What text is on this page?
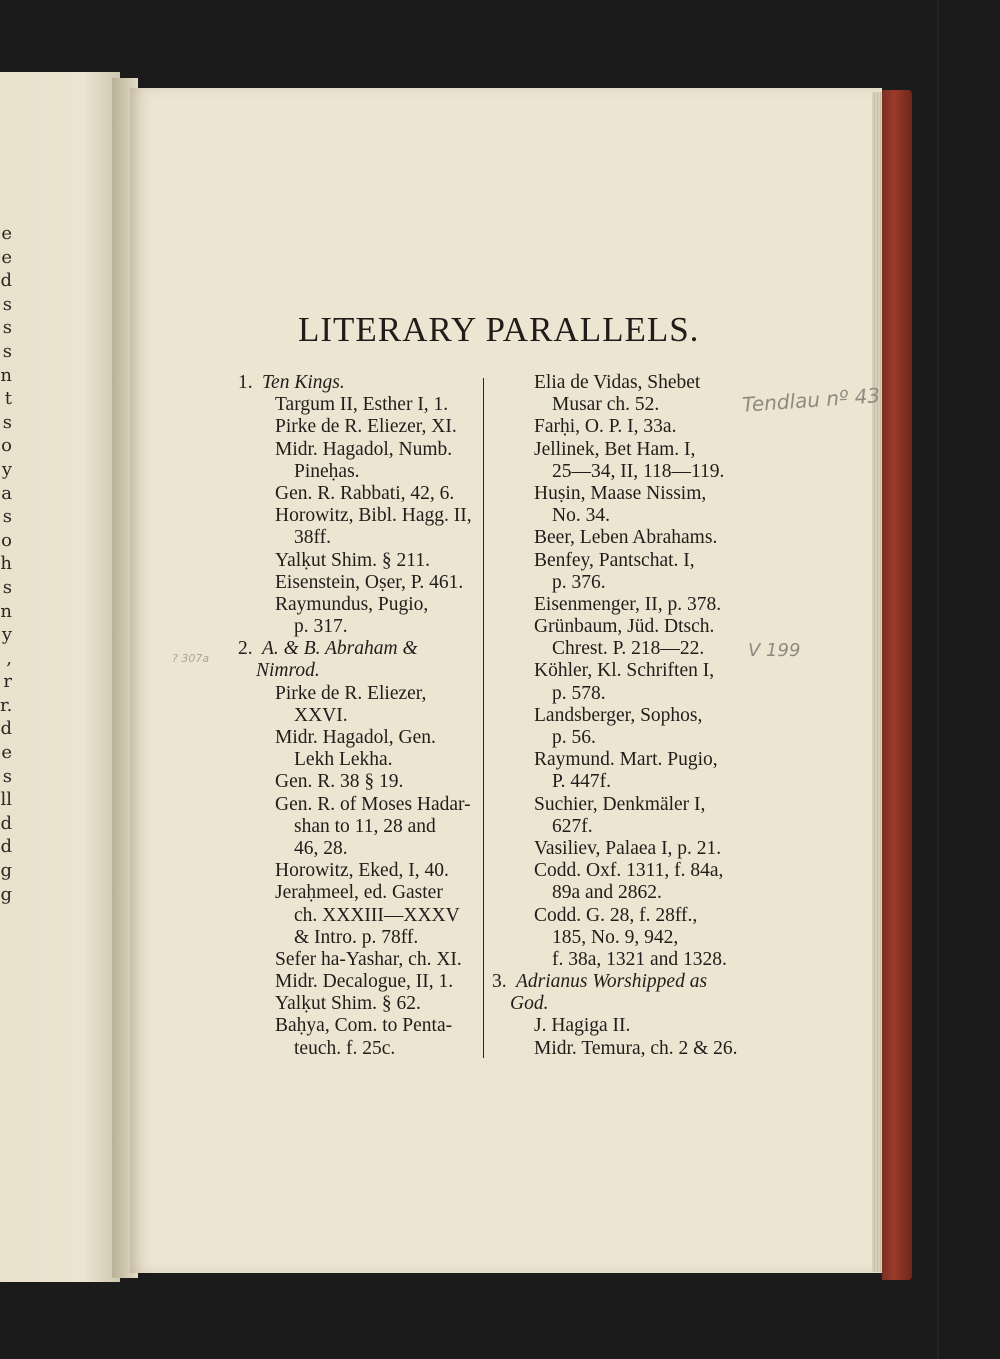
e
e
d
s
s
s
n
t
s
o
y
a
s
o
h
s
n
y
,
r
r.
d
e
s
ll
d
d
g
g
LITERARY PARALLELS.
1. Ten Kings.
Targum II, Esther I, 1.
Pirke de R. Eliezer, XI.
Midr. Hagadol, Numb.
Pineḥas.
Gen. R. Rabbati, 42, 6.
Horowitz, Bibl. Hagg. II,
38ff.
Yalḳut Shim. § 211.
Eisenstein, Oṣer, P. 461.
Raymundus, Pugio,
p. 317.
2. A. & B. Abraham &
Nimrod.
Pirke de R. Eliezer,
XXVI.
Midr. Hagadol, Gen.
Lekh Lekha.
Gen. R. 38 § 19.
Gen. R. of Moses Hadar-
shan to 11, 28 and
46, 28.
Horowitz, Eked, I, 40.
Jeraḥmeel, ed. Gaster
ch. XXXIII—XXXV
& Intro. p. 78ff.
Sefer ha-Yashar, ch. XI.
Midr. Decalogue, II, 1.
Yalḳut Shim. § 62.
Baḥya, Com. to Penta-
teuch. f. 25c.
Elia de Vidas, Shebet
Musar ch. 52.
Farḥi, O. P. I, 33a.
Jellinek, Bet Ham. I,
25—34, II, 118—119.
Huṣin, Maase Nissim,
No. 34.
Beer, Leben Abrahams.
Benfey, Pantschat. I,
p. 376.
Eisenmenger, II, p. 378.
Grünbaum, Jüd. Dtsch.
Chrest. P. 218—22.
Köhler, Kl. Schriften I,
p. 578.
Landsberger, Sophos,
p. 56.
Raymund. Mart. Pugio,
P. 447f.
Suchier, Denkmäler I,
627f.
Vasiliev, Palaea I, p. 21.
Codd. Oxf. 1311, f. 84a,
89a and 2862.
Codd. G. 28, f. 28ff.,
185, No. 9, 942,
f. 38a, 1321 and 1328.
3. Adrianus Worshipped as
God.
J. Hagiga II.
Midr. Temura, ch. 2 & 26.
Tendlau nº 43
V 199
? 307a
